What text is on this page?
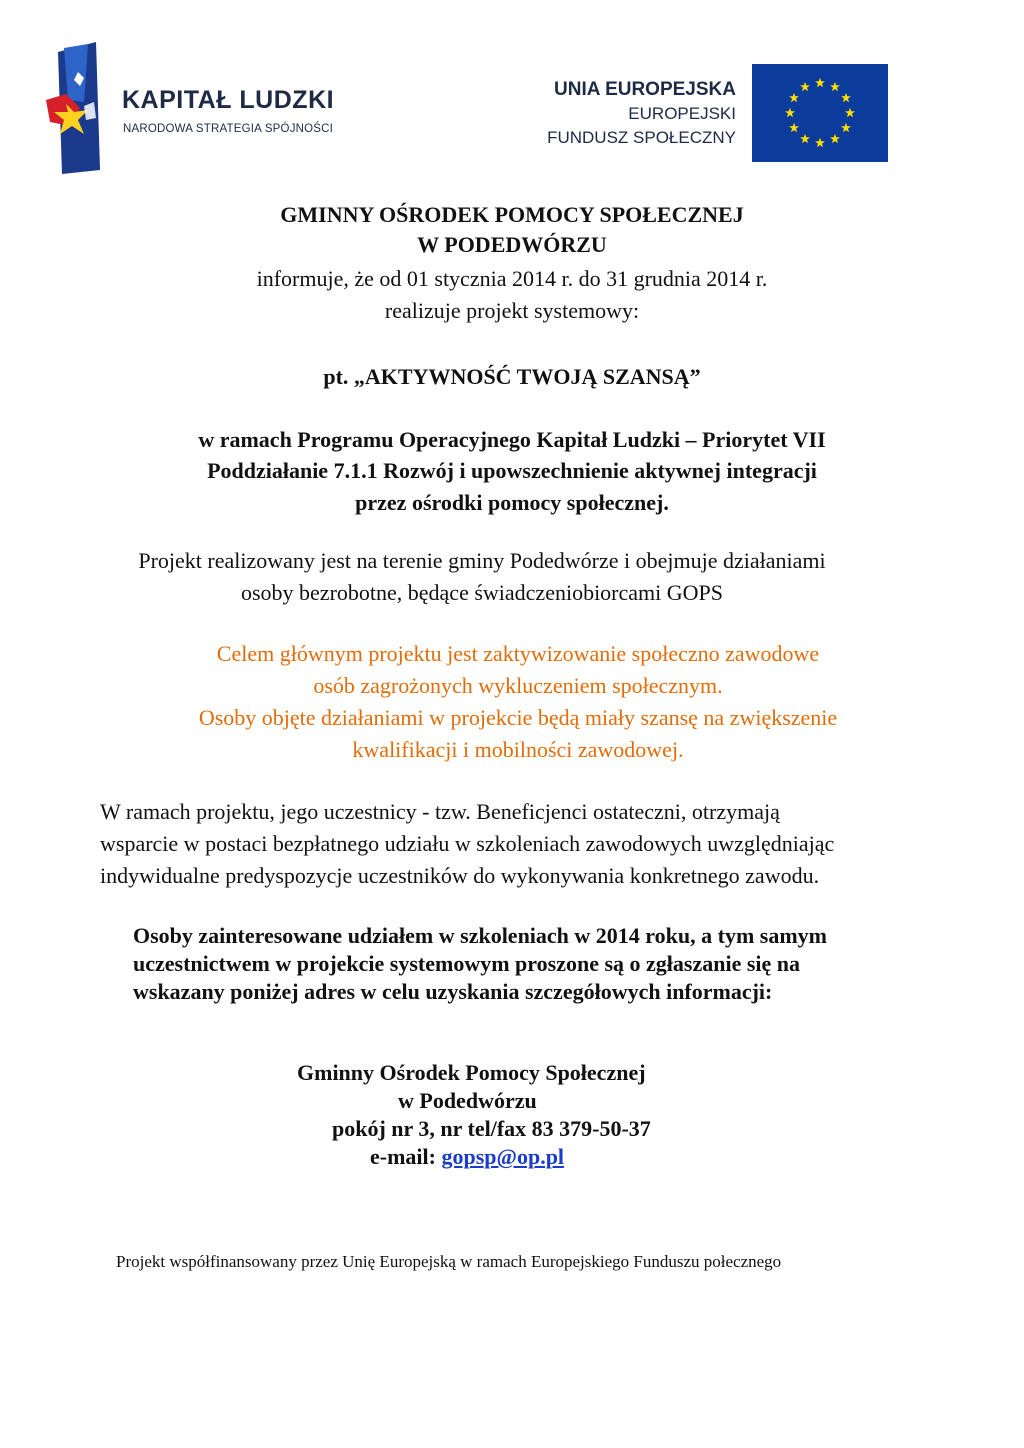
KAPITAŁ LUDZKI
NARODOWA STRATEGIA SPÓJNOŚCI
UNIA EUROPEJSKA
EUROPEJSKI
FUNDUSZ SPOŁECZNY
GMINNY OŚRODEK POMOCY SPOŁECZNEJ
W PODEDWÓRZU
informuje, że od 01 stycznia 2014 r. do 31 grudnia 2014 r.
realizuje projekt systemowy:
pt. „AKTYWNOŚĆ TWOJĄ SZANSĄ”
w ramach Programu Operacyjnego Kapitał Ludzki – Priorytet VII
Poddziałanie 7.1.1 Rozwój i upowszechnienie aktywnej integracji
przez ośrodki pomocy społecznej.
Projekt realizowany jest na terenie gminy Podedwórze i obejmuje działaniami
osoby bezrobotne, będące świadczeniobiorcami GOPS
Celem głównym projektu jest zaktywizowanie społeczno zawodowe
osób zagrożonych wykluczeniem społecznym.
Osoby objęte działaniami w projekcie będą miały szansę na zwiększenie
kwalifikacji i mobilności zawodowej.
W ramach projektu, jego uczestnicy - tzw. Beneficjenci ostateczni, otrzymają
wsparcie w postaci bezpłatnego udziału w szkoleniach zawodowych uwzględniając
indywidualne predyspozycje uczestników do wykonywania konkretnego zawodu.
Osoby zainteresowane udziałem w szkoleniach w 2014 roku, a tym samym
uczestnictwem w projekcie systemowym proszone są o zgłaszanie się na
wskazany poniżej adres w celu uzyskania szczegółowych informacji:
Gminny Ośrodek Pomocy Społecznej
w Podedwórzu
pokój nr 3, nr tel/fax 83 379-50-37
e-mail: gopsp@op.pl
Projekt współfinansowany przez Unię Europejską w ramach Europejskiego Funduszu połecznego
